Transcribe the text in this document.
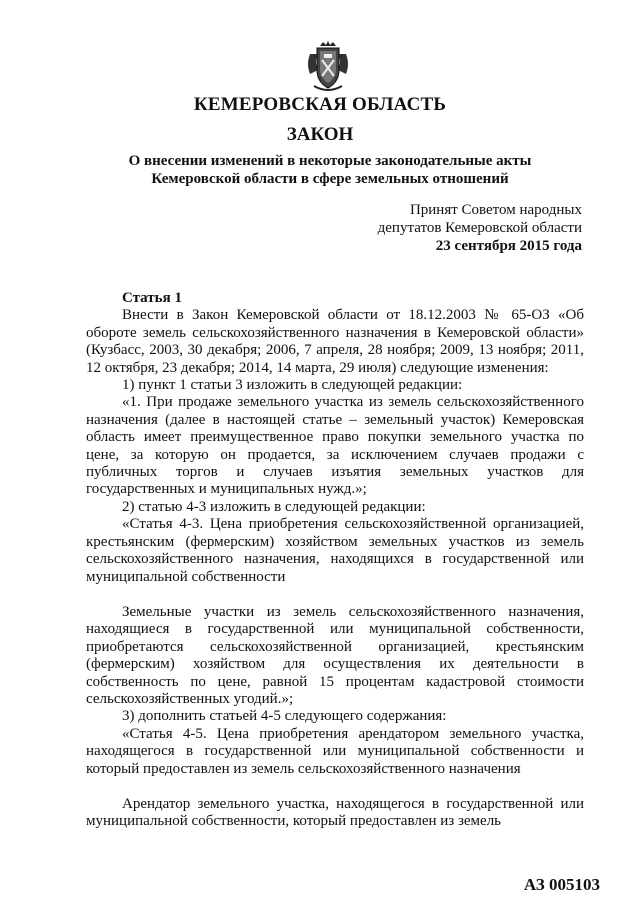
КЕМЕРОВСКАЯ ОБЛАСТЬ
ЗАКОН
О внесении изменений в некоторые законодательные акты
Кемеровской области в сфере земельных отношений
Принят Советом народных
депутатов Кемеровской области
23 сентября 2015 года

Статья 1

Внести в Закон Кемеровской области от 18.12.2003 № 65-ОЗ «Об обороте земель сельскохозяйственного назначения в Кемеровской области» (Кузбасс, 2003, 30 декабря; 2006, 7 апреля, 28 ноября; 2009, 13 ноября; 2011, 12 октября, 23 декабря; 2014, 14 марта, 29 июля) следующие изменения:

1) пункт 1 статьи 3 изложить в следующей редакции:

«1. При продаже земельного участка из земель сельскохозяйственного назначения (далее в настоящей статье – земельный участок) Кемеровская область имеет преимущественное право покупки земельного участка по цене, за которую он продается, за исключением случаев продажи с публичных торгов и случаев изъятия земельных участков для государственных и муниципальных нужд.»;

2) статью 4-3 изложить в следующей редакции:

«Статья 4-3. Цена приобретения сельскохозяйственной организацией, крестьянским (фермерским) хозяйством земельных участков из земель сельскохозяйственного назначения, находящихся в государственной или муниципальной собственности

Земельные участки из земель сельскохозяйственного назначения, находящиеся в государственной или муниципальной собственности, приобретаются сельскохозяйственной организацией, крестьянским (фермерским) хозяйством для осуществления их деятельности в собственность по цене, равной 15 процентам кадастровой стоимости сельскохозяйственных угодий.»;

3) дополнить статьей 4-5 следующего содержания:

«Статья 4-5. Цена приобретения арендатором земельного участка, находящегося в государственной или муниципальной собственности и который предоставлен из земель сельскохозяйственного назначения

Арендатор земельного участка, находящегося в государственной или муниципальной собственности, который предоставлен из земель

АЗ 005103
